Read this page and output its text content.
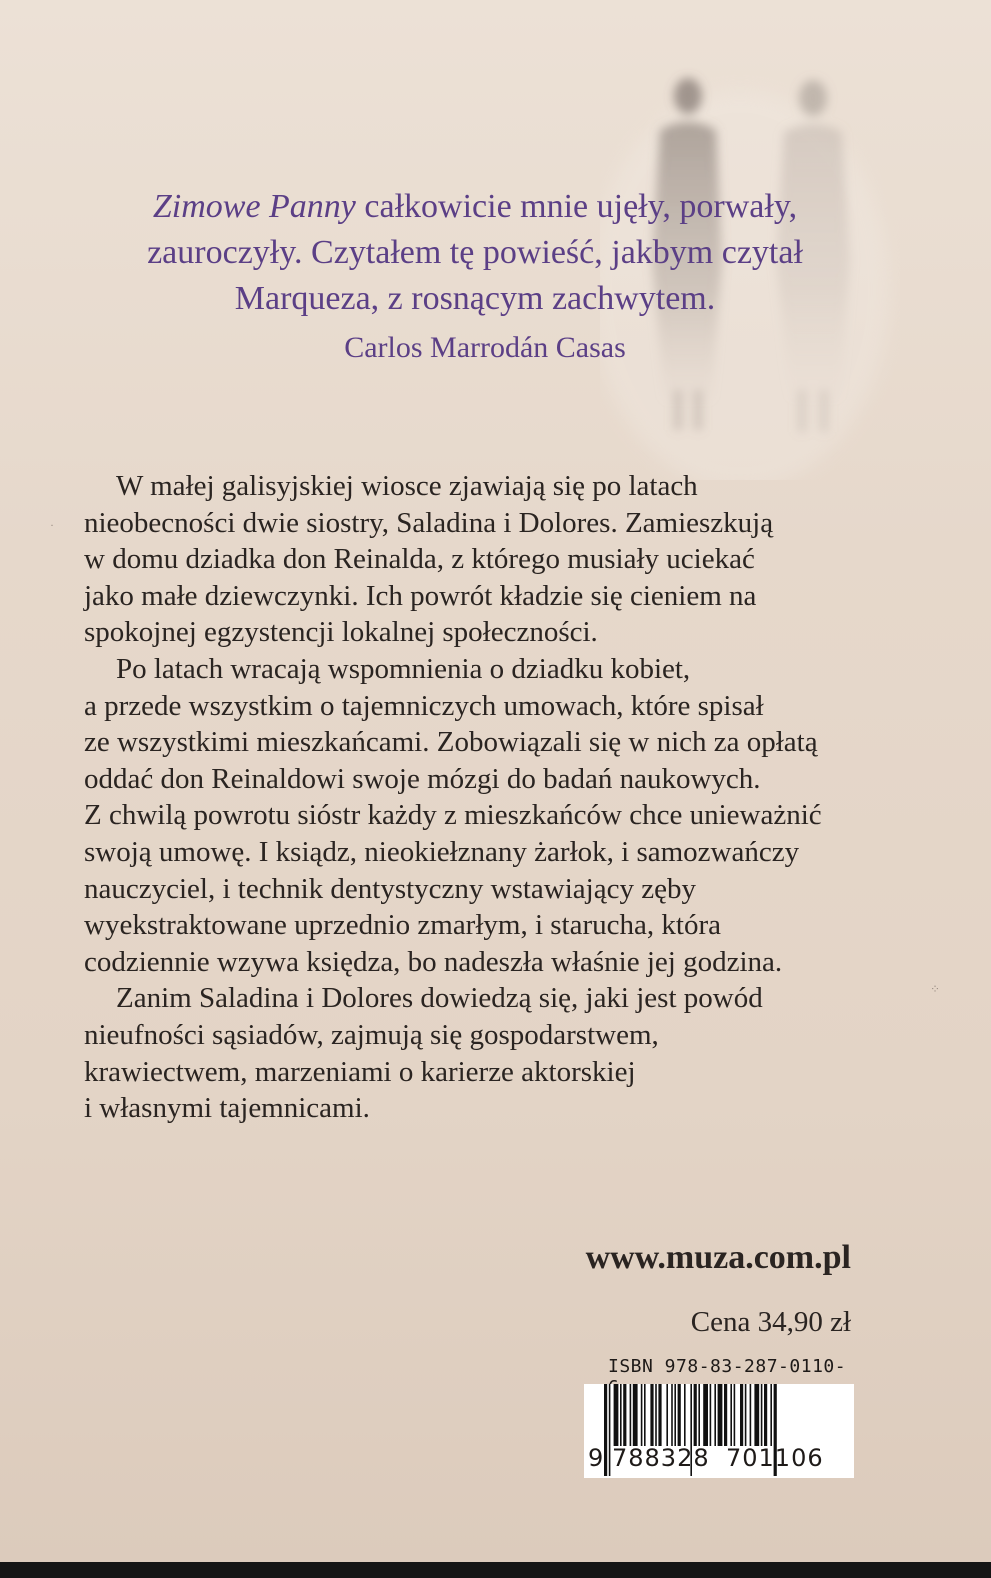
Zimowe Panny całkowicie mnie ujęły, porwały,
zauroczyły. Czytałem tę powieść, jakbym czytał
Marqueza, z rosnącym zachwytem.
Carlos Marrodán Casas
W małej galisyjskiej wiosce zjawiają się po latach
nieobecności dwie siostry, Saladina i Dolores. Zamieszkują
w domu dziadka don Reinalda, z którego musiały uciekać
jako małe dziewczynki. Ich powrót kładzie się cieniem na
spokojnej egzystencji lokalnej społeczności.
Po latach wracają wspomnienia o dziadku kobiet,
a przede wszystkim o tajemniczych umowach, które spisał
ze wszystkimi mieszkańcami. Zobowiązali się w nich za opłatą
oddać don Reinaldowi swoje mózgi do badań naukowych.
Z chwilą powrotu sióstr każdy z mieszkańców chce unieważnić
swoją umowę. I ksiądz, nieokiełznany żarłok, i samozwańczy
nauczyciel, i technik dentystyczny wstawiający zęby
wyekstraktowane uprzednio zmarłym, i starucha, która
codziennie wzywa księdza, bo nadeszła właśnie jej godzina.
Zanim Saladina i Dolores dowiedzą się, jaki jest powód
nieufności sąsiadów, zajmują się gospodarstwem,
krawiectwem, marzeniami o karierze aktorskiej
i własnymi tajemnicami.
www.muza.com.pl
Cena 34,90 zł
ISBN 978-83-287-0110-
9 788328 701106
·
⁘
